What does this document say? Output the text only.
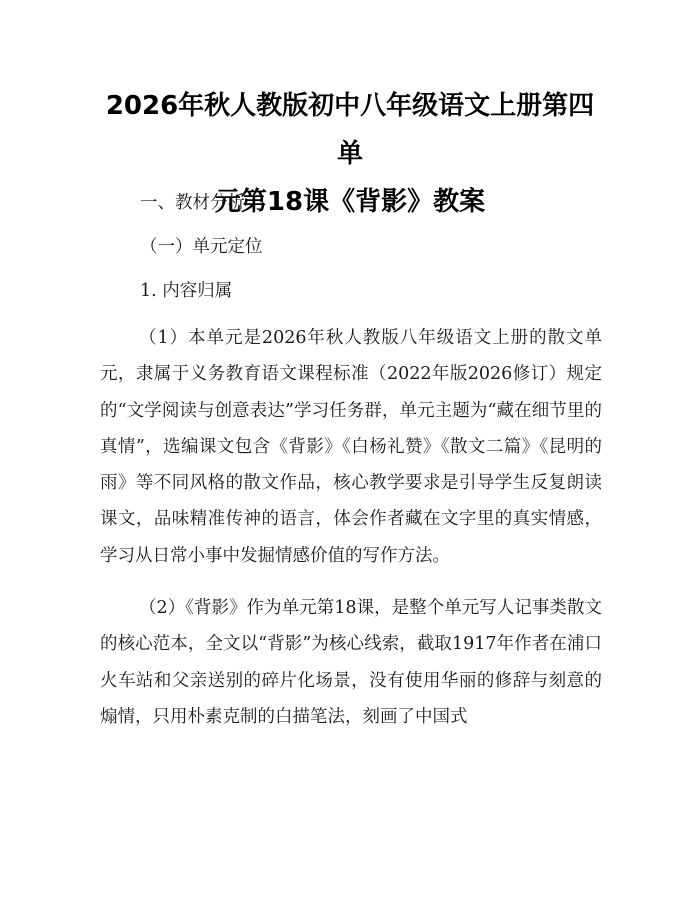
2026年秋人教版初中八年级语文上册第四单
元第18课《背影》教案

一、教材分析

（一）单元定位

1. 内容归属

（1）本单元是2026年秋人教版八年级语文上册的散文单元，隶属于义务教育语文课程标准（2022年版2026修订）规定的“文学阅读与创意表达”学习任务群，单元主题为“藏在细节里的真情”，选编课文包含《背影》《白杨礼赞》《散文二篇》《昆明的雨》等不同风格的散文作品，核心教学要求是引导学生反复朗读课文，品味精准传神的语言，体会作者藏在文字里的真实情感，学习从日常小事中发掘情感价值的写作方法。

（2）《背影》作为单元第18课，是整个单元写人记事类散文的核心范本，全文以“背影”为核心线索，截取1917年作者在浦口火车站和父亲送别的碎片化场景，没有使用华丽的修辞与刻意的煽情，只用朴素克制的白描笔法，刻画了中国式
